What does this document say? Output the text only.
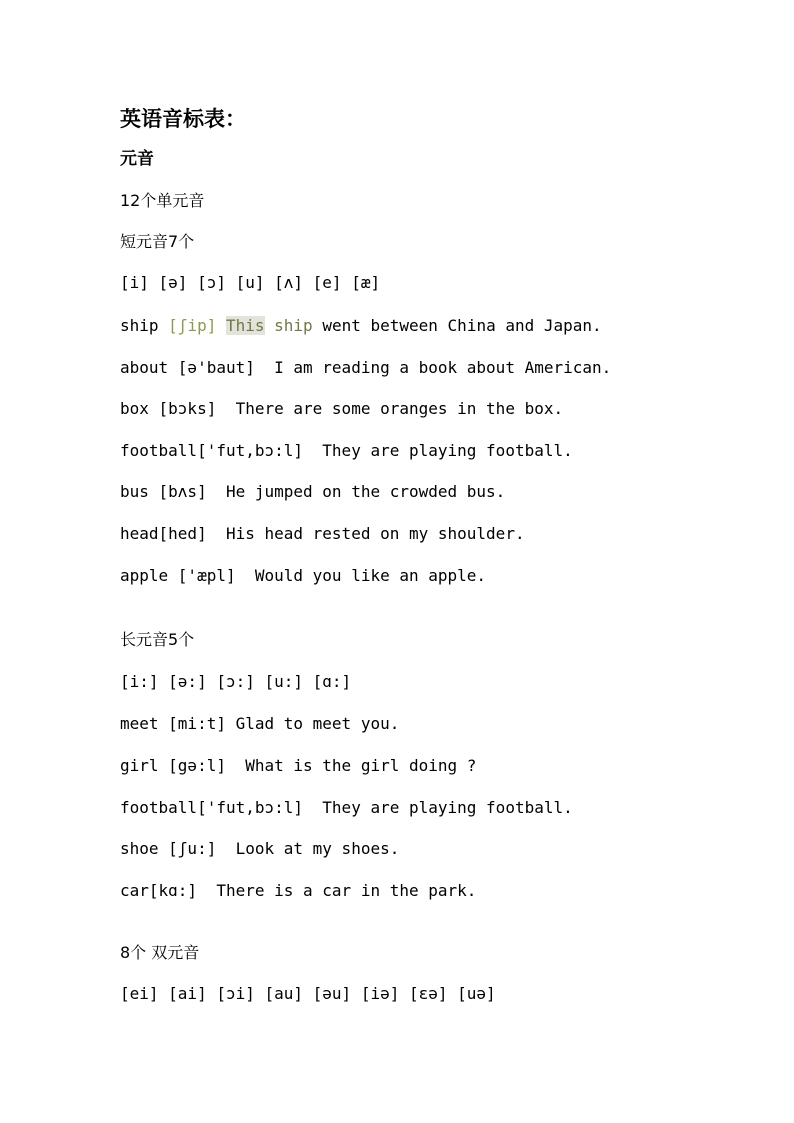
英语音标表：
元音
12个单元音
短元音7个
[i] [ə] [ɔ] [u] [ʌ] [e] [æ]
ship [ʃip] This ship went between China and Japan.
about [ə'baut]  I am reading a book about American.
box [bɔks]  There are some oranges in the box.
football['fut,bɔ:l]  They are playing football.
bus [bʌs]  He jumped on the crowded bus.
head[hed]  His head rested on my shoulder.
apple ['æpl]  Would you like an apple.
长元音5个
[i:] [ə:] [ɔ:] [u:] [ɑ:]
meet [mi:t] Glad to meet you.
girl [gə:l]  What is the girl doing ?
football['fut,bɔ:l]  They are playing football.
shoe [ʃu:]  Look at my shoes.
car[kɑ:]  There is a car in the park.
8个 双元音
[ei] [ai] [ɔi] [au] [əu] [iə] [εə] [uə]
